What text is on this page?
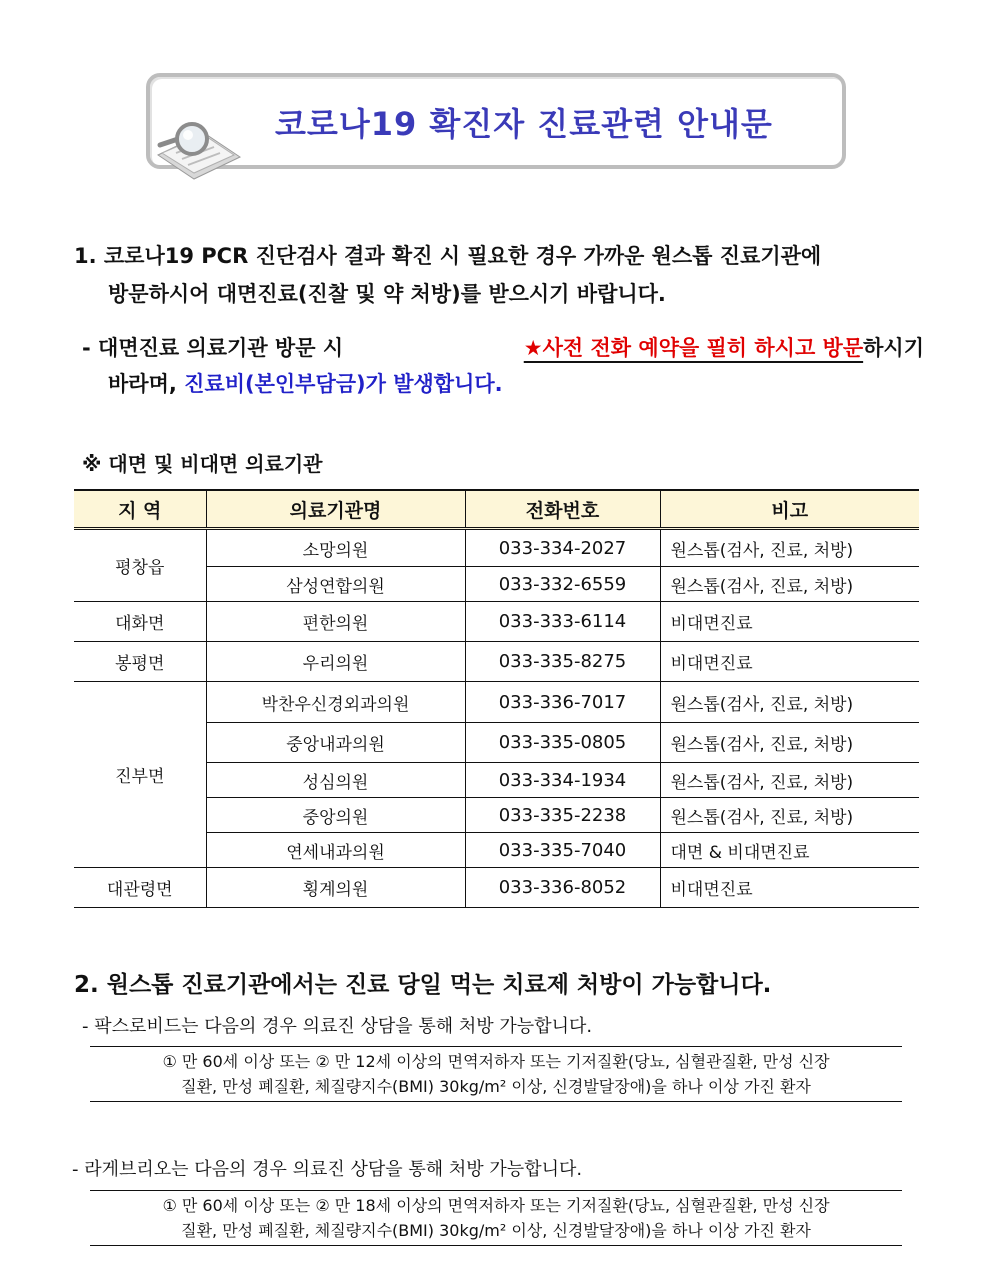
코로나19 확진자 진료관련 안내문
1. 코로나19 PCR 진단검사 결과 확진 시 필요한 경우 가까운 원스톱 진료기관에
방문하시어 대면진료(진찰 및 약 처방)를 받으시기 바랍니다.
- 대면진료 의료기관 방문 시	★사전 전화 예약을 필히 하시고 방문 하시기
바라며, 진료비(본인부담금)가 발생합니다.
※ 대면 및 비대면 의료기관
지 역	의료기관명	전화번호	비고
평창읍	소망의원	033-334-2027	원스톱(검사, 진료, 처방)
	삼성연합의원	033-332-6559	원스톱(검사, 진료, 처방)
대화면	편한의원	033-333-6114	비대면진료
봉평면	우리의원	033-335-8275	비대면진료
진부면	박찬우신경외과의원	033-336-7017	원스톱(검사, 진료, 처방)
	중앙내과의원	033-335-0805	원스톱(검사, 진료, 처방)
	성심의원	033-334-1934	원스톱(검사, 진료, 처방)
	중앙의원	033-335-2238	원스톱(검사, 진료, 처방)
	연세내과의원	033-335-7040	대면 & 비대면진료
대관령면	횡계의원	033-336-8052	비대면진료
2. 원스톱 진료기관에서는 진료 당일 먹는 치료제 처방이 가능합니다.
- 팍스로비드는 다음의 경우 의료진 상담을 통해 처방 가능합니다.
① 만 60세 이상 또는 ② 만 12세 이상의 면역저하자 또는 기저질환(당뇨, 심혈관질환, 만성 신장
질환, 만성 폐질환, 체질량지수(BMI) 30kg/m² 이상, 신경발달장애)을 하나 이상 가진 환자
- 라게브리오는 다음의 경우 의료진 상담을 통해 처방 가능합니다.
① 만 60세 이상 또는 ② 만 18세 이상의 면역저하자 또는 기저질환(당뇨, 심혈관질환, 만성 신장
질환, 만성 폐질환, 체질량지수(BMI) 30kg/m² 이상, 신경발달장애)을 하나 이상 가진 환자
